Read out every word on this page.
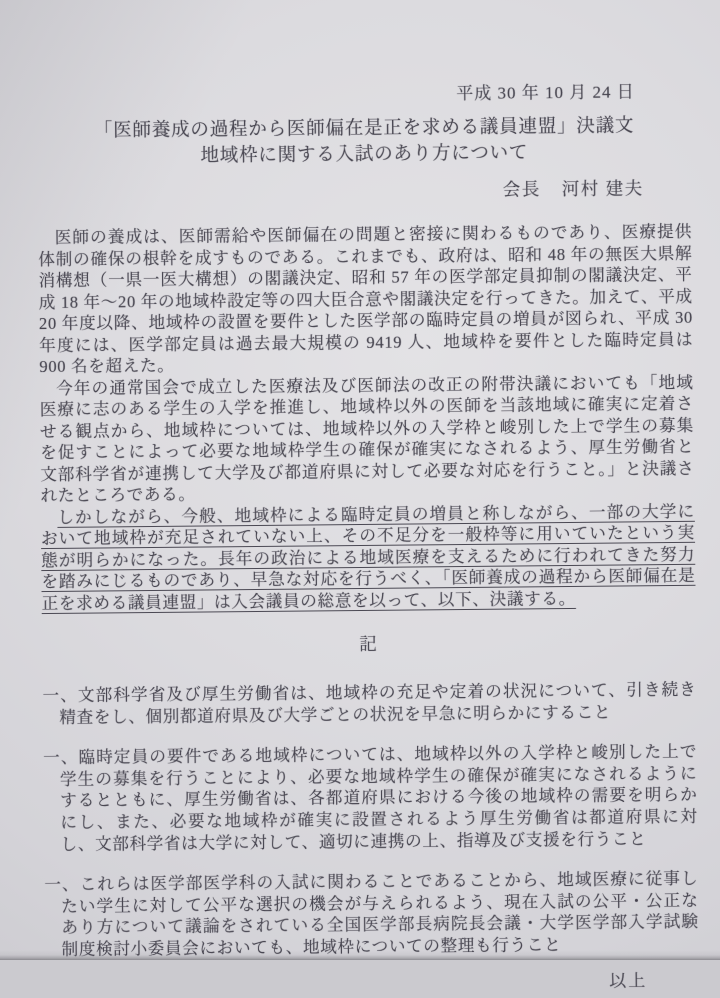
平成 30 年 10 月 24 日
「医師養成の過程から医師偏在是正を求める議員連盟」決議文
地域枠に関する入試のあり方について
会長 河村 建夫

医師の養成は、医師需給や医師偏在の問題と密接に関わるものであり、医療提供体制の確保の根幹を成すものである。これまでも、政府は、昭和 48 年の無医大県解消構想（一県一医大構想）の閣議決定、昭和 57 年の医学部定員抑制の閣議決定、平成 18 年～20 年の地域枠設定等の四大臣合意や閣議決定を行ってきた。加えて、平成 20 年度以降、地域枠の設置を要件とした医学部の臨時定員の増員が図られ、平成 30 年度には、医学部定員は過去最大規模の 9419 人、地域枠を要件とした臨時定員は 900 名を超えた。

今年の通常国会で成立した医療法及び医師法の改正の附帯決議においても「地域医療に志のある学生の入学を推進し、地域枠以外の医師を当該地域に確実に定着させる観点から、地域枠については、地域枠以外の入学枠と峻別した上で学生の募集を促すことによって必要な地域枠学生の確保が確実になされるよう、厚生労働省と文部科学省が連携して大学及び都道府県に対して必要な対応を行うこと。」と決議されたところである。

しかしながら、今般、地域枠による臨時定員の増員と称しながら、一部の大学において地域枠が充足されていない上、その不足分を一般枠等に用いていたという実態が明らかになった。長年の政治による地域医療を支えるために行われてきた努力を踏みにじるものであり、早急な対応を行うべく、「医師養成の過程から医師偏在是正を求める議員連盟」は入会議員の総意を以って、以下、決議する。

記
一、文部科学省及び厚生労働省は、地域枠の充足や定着の状況について、引き続き精査をし、個別都道府県及び大学ごとの状況を早急に明らかにすること
一、臨時定員の要件である地域枠については、地域枠以外の入学枠と峻別した上で学生の募集を行うことにより、必要な地域枠学生の確保が確実になされるようにするとともに、厚生労働省は、各都道府県における今後の地域枠の需要を明らかにし、また、必要な地域枠が確実に設置されるよう厚生労働省は都道府県に対し、文部科学省は大学に対して、適切に連携の上、指導及び支援を行うこと
一、これらは医学部医学科の入試に関わることであることから、地域医療に従事したい学生に対して公平な選択の機会が与えられるよう、現在入試の公平・公正なあり方について議論をされている全国医学部長病院長会議・大学医学部入学試験制度検討小委員会においても、地域枠についての整理も行うこと
以上
